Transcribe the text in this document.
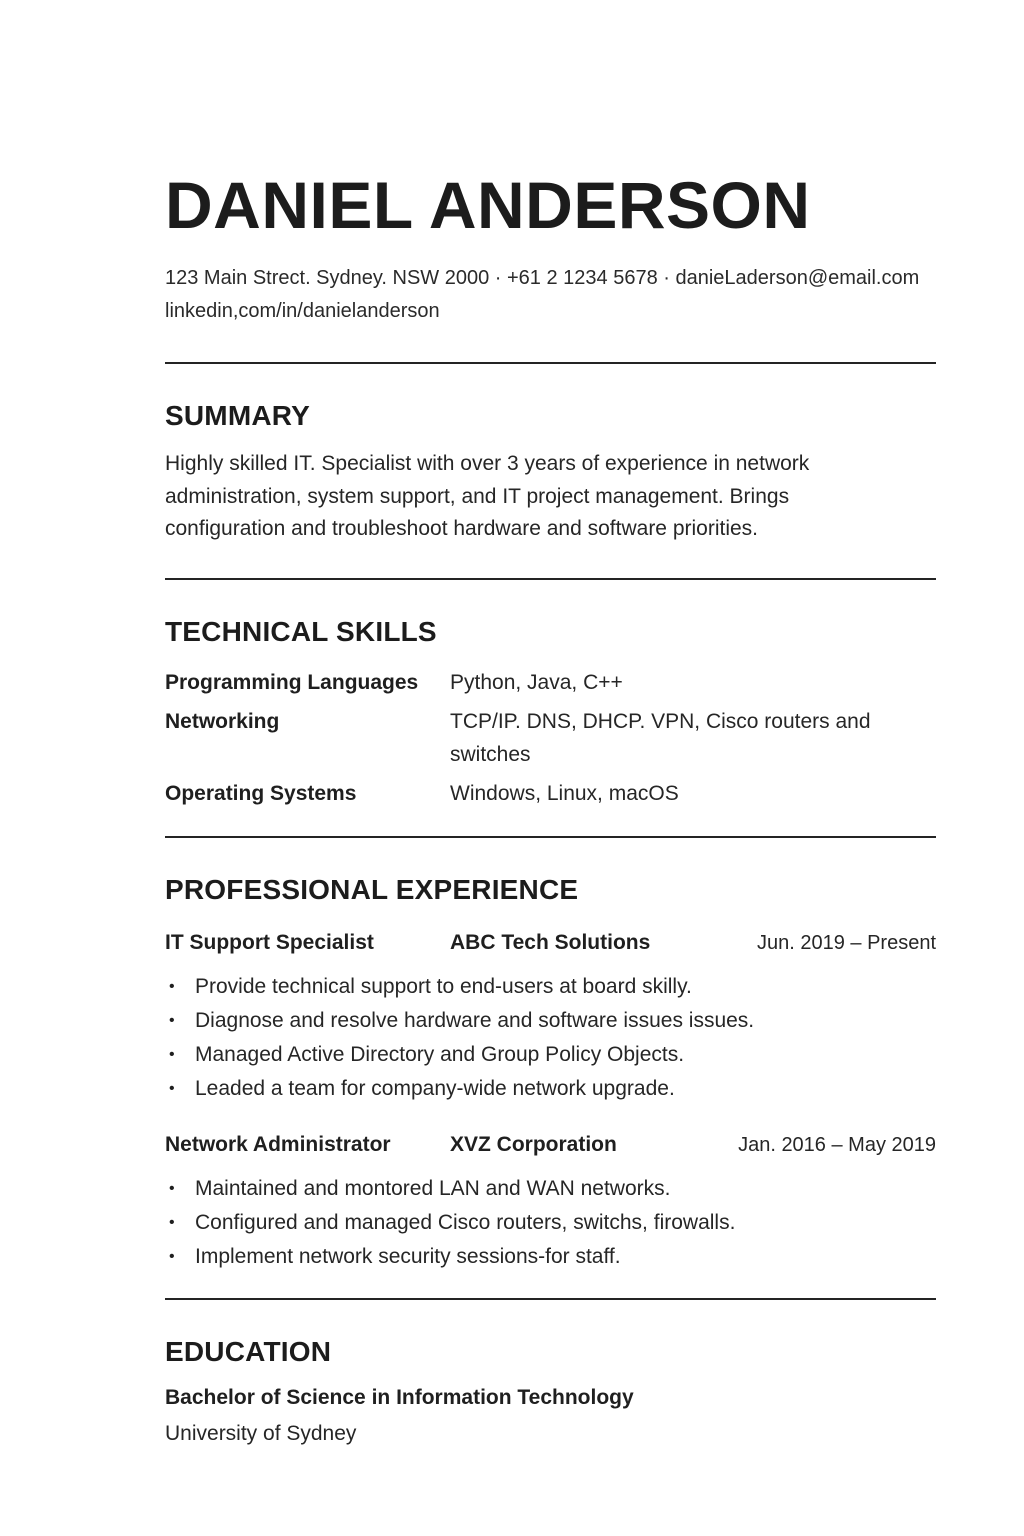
DANIEL ANDERSON
123 Main Strect. Sydney. NSW 2000 · +61 2 1234 5678 · danieLaderson@email.com
linkedin,com/in/danielanderson
SUMMARY

Highly skilled IT. Specialist with over 3 years of experience in network administration, system support, and IT project management. Brings configuration and troubleshoot hardware and software priorities.

TECHNICAL SKILLS
Programming Languages	Python, Java, C++
Networking	TCP/IP. DNS, DHCP. VPN, Cisco routers and switches
Operating Systems	Windows, Linux, macOS
PROFESSIONAL EXPERIENCE
IT Support Specialist	ABC Tech Solutions	Jun. 2019 – Present
• Provide technical support to end-users at board skilly.
• Diagnose and resolve hardware and software issues issues.
• Managed Active Directory and Group Policy Objects.
• Leaded a team for company-wide network upgrade.
Network Administrator	XVZ Corporation	Jan. 2016 – May 2019
• Maintained and montored LAN and WAN networks.
• Configured and managed Cisco routers, switchs, firowalls.
• Implement network security sessions-for staff.
EDUCATION

Bachelor of Science in Information Technology

University of Sydney
